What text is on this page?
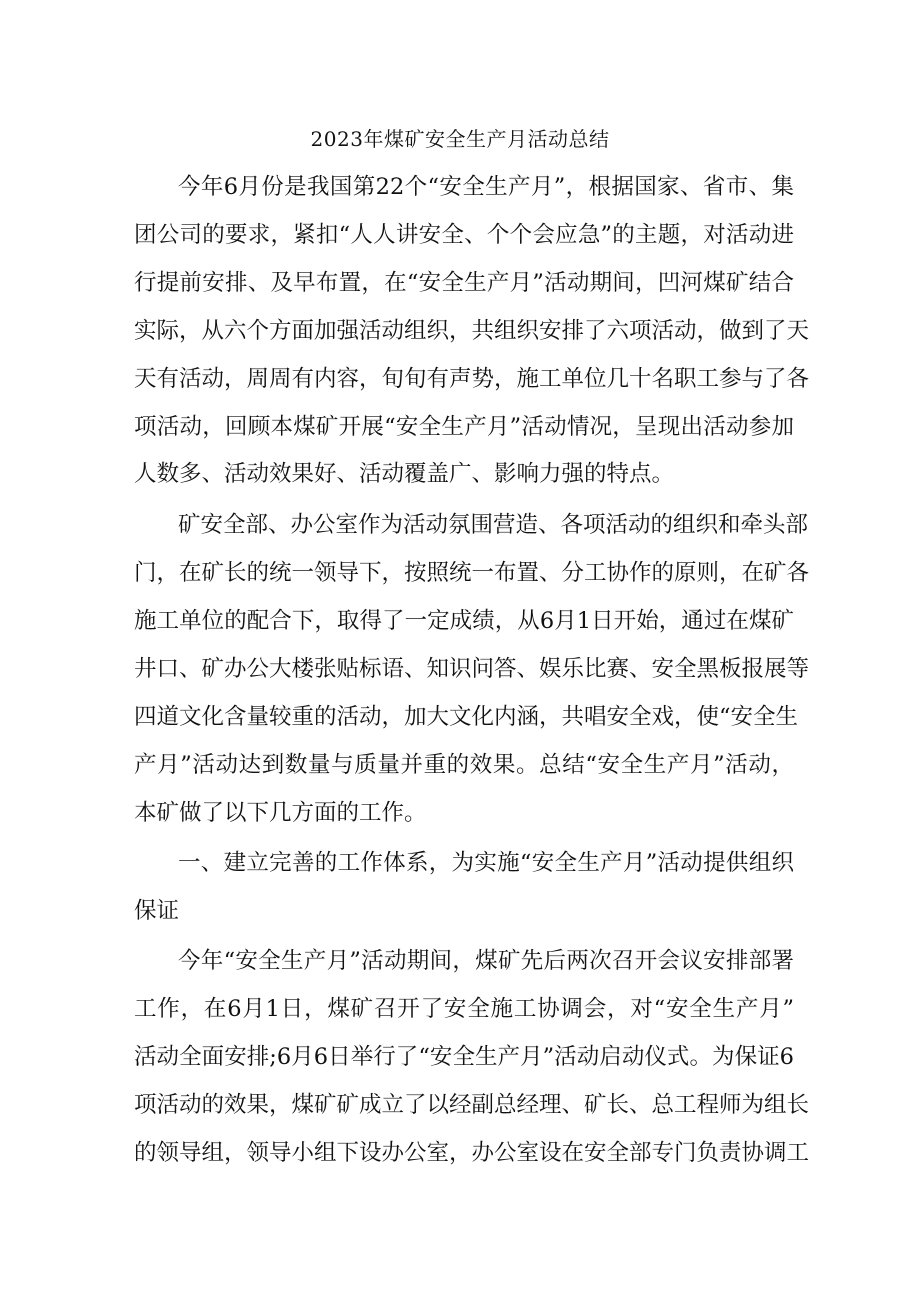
2023年煤矿安全生产月活动总结
今年6月份是我国第22个“安全生产月”，根据国家、省市、集
团公司的要求，紧扣“人人讲安全、个个会应急”的主题，对活动进
行提前安排、及早布置，在“安全生产月”活动期间，凹河煤矿结合
实际，从六个方面加强活动组织，共组织安排了六项活动，做到了天
天有活动，周周有内容，旬旬有声势，施工单位几十名职工参与了各
项活动，回顾本煤矿开展“安全生产月”活动情况，呈现出活动参加
人数多、活动效果好、活动覆盖广、影响力强的特点。
矿安全部、办公室作为活动氛围营造、各项活动的组织和牵头部
门，在矿长的统一领导下，按照统一布置、分工协作的原则，在矿各
施工单位的配合下，取得了一定成绩，从6月1日开始，通过在煤矿
井口、矿办公大楼张贴标语、知识问答、娱乐比赛、安全黑板报展等
四道文化含量较重的活动，加大文化内涵，共唱安全戏，使“安全生
产月”活动达到数量与质量并重的效果。总结“安全生产月”活动，
本矿做了以下几方面的工作。
一、建立完善的工作体系，为实施“安全生产月”活动提供组织
保证
今年“安全生产月”活动期间，煤矿先后两次召开会议安排部署
工作，在6月1日，煤矿召开了安全施工协调会，对“安全生产月”
活动全面安排;6月6日举行了“安全生产月”活动启动仪式。为保证6
项活动的效果，煤矿矿成立了以经副总经理、矿长、总工程师为组长
的领导组，领导小组下设办公室，办公室设在安全部专门负责协调工
